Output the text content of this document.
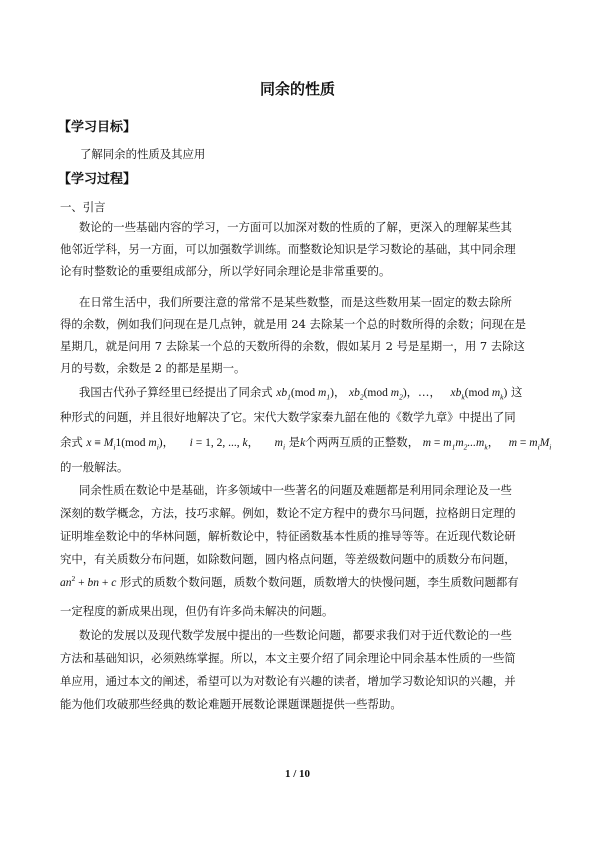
同余的性质
【学习目标】
了解同余的性质及其应用
【学习过程】
一、引言
数论的一些基础内容的学习，一方面可以加深对数的性质的了解，更深入的理解某些其
他邻近学科，另一方面，可以加强数学训练。而整数论知识是学习数论的基础，其中同余理
论有时整数论的重要组成部分，所以学好同余理论是非常重要的。
在日常生活中，我们所要注意的常常不是某些数整，而是这些数用某一固定的数去除所
得的余数，例如我们问现在是几点钟，就是用 24 去除某一个总的时数所得的余数；问现在是
星期几，就是问用 7 去除某一个总的天数所得的余数，假如某月 2 号是星期一，用 7 去除这
月的号数，余数是 2 的都是星期一。
我国古代孙子算经里已经提出了同余式 $xb_1(mod$ $m_1$)， $xb_2(mod$ $m_2$)，…， $xb_k(mod$ $m_k$) 这
种形式的问题，并且很好地解决了它。宋代大数学家秦九韶在他的《数学九章》中提出了同
余式 $x \equiv M_i1(mod$ $m_i$)， i = 1, 2, ..., k， $m_i$ 是k个两两互质的正整数， $m = m_1m_2...m_k$， $m = m_iM_i$
的一般解法。
同余性质在数论中是基础，许多领域中一些著名的问题及难题都是利用同余理论及一些
深刻的数学概念，方法，技巧求解。例如，数论不定方程中的费尔马问题，拉格朗日定理的
证明堆垒数论中的华林问题，解析数论中，特征函数基本性质的推导等等。在近现代数论研
究中，有关质数分布问题，如除数问题，圆内格点问题，等差级数问题中的质数分布问题，
$an^2$ + bn + c 形式的质数个数问题，质数个数问题，质数增大的快慢问题，李生质数问题都有
一定程度的新成果出现，但仍有许多尚未解决的问题。
数论的发展以及现代数学发展中提出的一些数论问题，都要求我们对于近代数论的一些
方法和基础知识，必须熟练掌握。所以，本文主要介绍了同余理论中同余基本性质的一些简
单应用，通过本文的阐述，希望可以为对数论有兴趣的读者，增加学习数论知识的兴趣，并
能为他们攻破那些经典的数论难题开展数论课题课题提供一些帮助。
1 / 10
